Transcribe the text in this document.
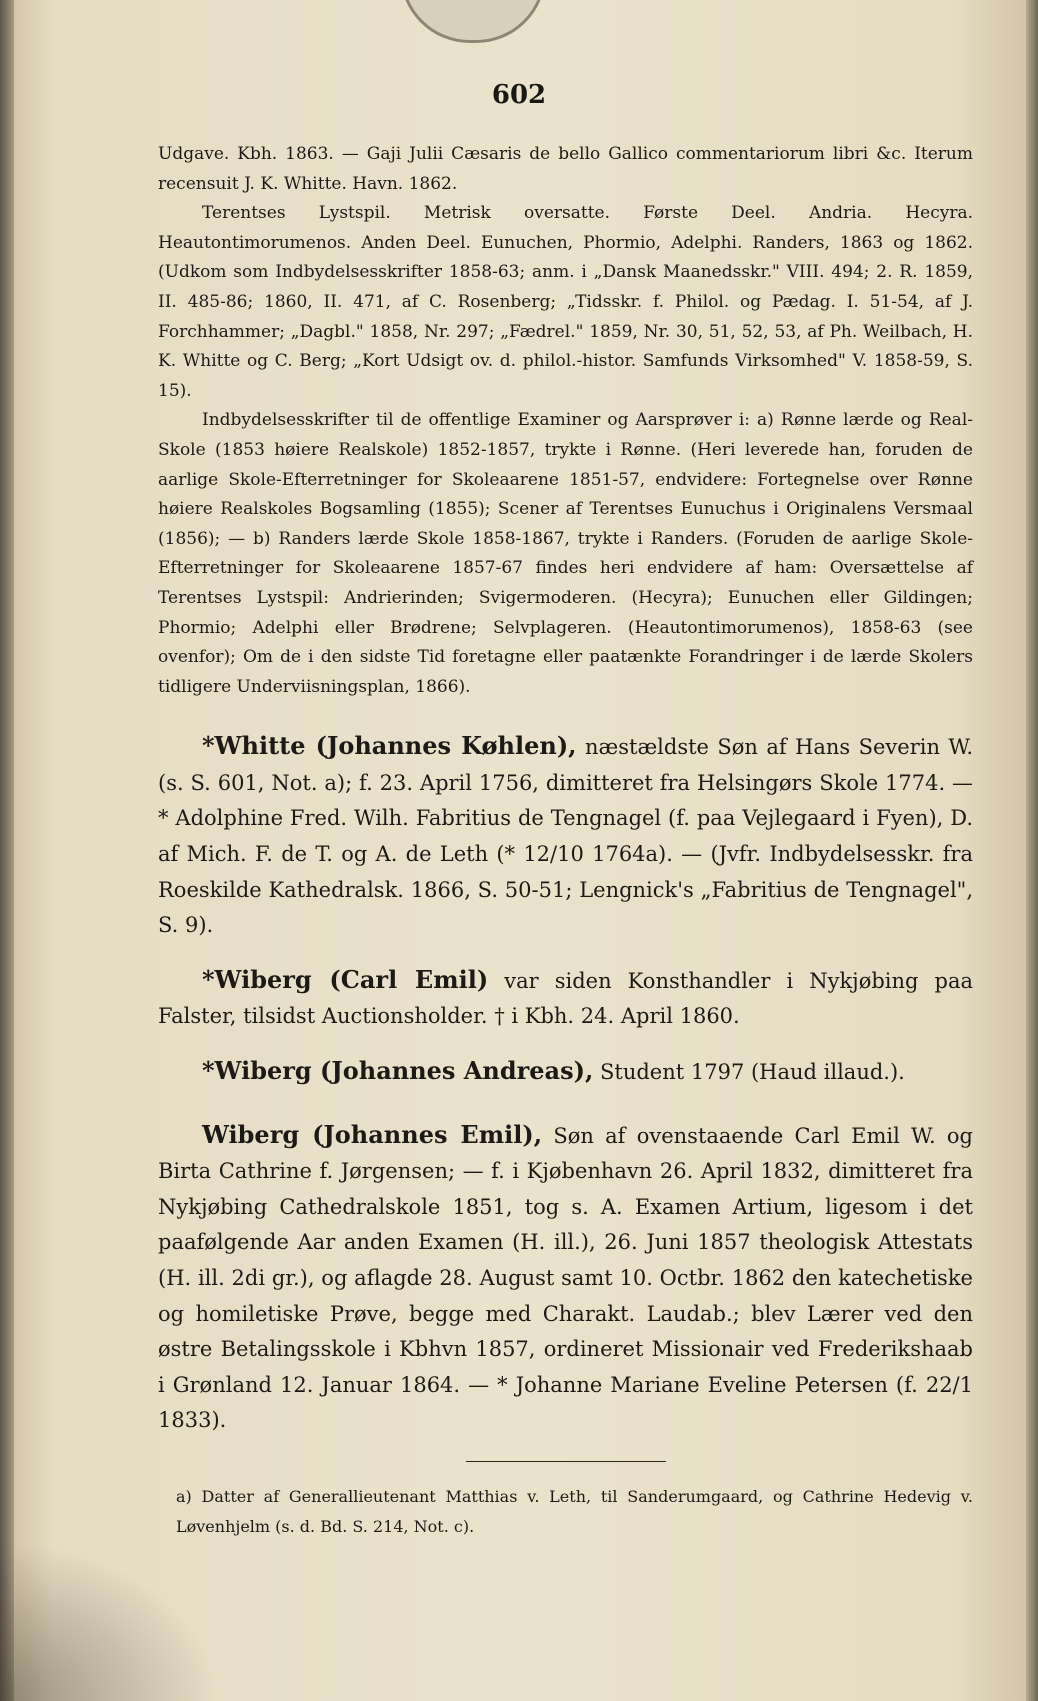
602

Udgave. Kbh. 1863. — Gaji Julii Cæsaris de bello Gallico commentariorum libri &c. Iterum recensuit J. K. Whitte. Havn. 1862.

Terentses Lystspil. Metrisk oversatte. Første Deel. Andria. Hecyra. Heautontimorumenos. Anden Deel. Eunuchen, Phormio, Adelphi. Randers, 1863 og 1862. (Udkom som Indbydelsesskrifter 1858-63; anm. i „Dansk Maanedsskr." VIII. 494; 2. R. 1859, II. 485-86; 1860, II. 471, af C. Rosenberg; „Tidsskr. f. Philol. og Pædag. I. 51-54, af J. Forchhammer; „Dagbl." 1858, Nr. 297; „Fædrel." 1859, Nr. 30, 51, 52, 53, af Ph. Weilbach, H. K. Whitte og C. Berg; „Kort Udsigt ov. d. philol.-histor. Samfunds Virksomhed" V. 1858-59, S. 15).

Indbydelsesskrifter til de offentlige Examiner og Aarsprøver i: a) Rønne lærde og Real-Skole (1853 høiere Realskole) 1852-1857, trykte i Rønne. (Heri leverede han, foruden de aarlige Skole-Efterretninger for Skoleaarene 1851-57, endvidere: Fortegnelse over Rønne høiere Realskoles Bogsamling (1855); Scener af Terentses Eunuchus i Originalens Versmaal (1856); — b) Randers lærde Skole 1858-1867, trykte i Randers. (Foruden de aarlige Skole-Efterretninger for Skoleaarene 1857-67 findes heri endvidere af ham: Oversættelse af Terentses Lystspil: Andrierinden; Svigermoderen. (Hecyra); Eunuchen eller Gildingen; Phormio; Adelphi eller Brødrene; Selvplageren. (Heautontimorumenos), 1858-63 (see ovenfor); Om de i den sidste Tid foretagne eller paatænkte Forandringer i de lærde Skolers tidligere Underviisningsplan, 1866).

*Whitte (Johannes Køhlen), næstældste Søn af Hans Severin W. (s. S. 601, Not. a); f. 23. April 1756, dimitteret fra Helsingørs Skole 1774. — * Adolphine Fred. Wilh. Fabritius de Tengnagel (f. paa Vejlegaard i Fyen), D. af Mich. F. de T. og A. de Leth (* 12/10 1764a). — (Jvfr. Indbydelsesskr. fra Roeskilde Kathedralsk. 1866, S. 50-51; Lengnick's „Fabritius de Tengnagel", S. 9).

*Wiberg (Carl Emil) var siden Konsthandler i Nykjøbing paa Falster, tilsidst Auctionsholder. † i Kbh. 24. April 1860.

*Wiberg (Johannes Andreas), Student 1797 (Haud illaud.).

Wiberg (Johannes Emil), Søn af ovenstaaende Carl Emil W. og Birta Cathrine f. Jørgensen; — f. i Kjøbenhavn 26. April 1832, dimitteret fra Nykjøbing Cathedralskole 1851, tog s. A. Examen Artium, ligesom i det paafølgende Aar anden Examen (H. ill.), 26. Juni 1857 theologisk Attestats (H. ill. 2di gr.), og aflagde 28. August samt 10. Octbr. 1862 den katechetiske og homiletiske Prøve, begge med Charakt. Laudab.; blev Lærer ved den østre Betalingsskole i Kbhvn 1857, ordineret Missionair ved Frederikshaab i Grønland 12. Januar 1864. — * Johanne Mariane Eveline Petersen (f. 22/1 1833).

a) Datter af Generallieutenant Matthias v. Leth, til Sanderumgaard, og Cathrine Hedevig v. Løvenhjelm (s. d. Bd. S. 214, Not. c).
